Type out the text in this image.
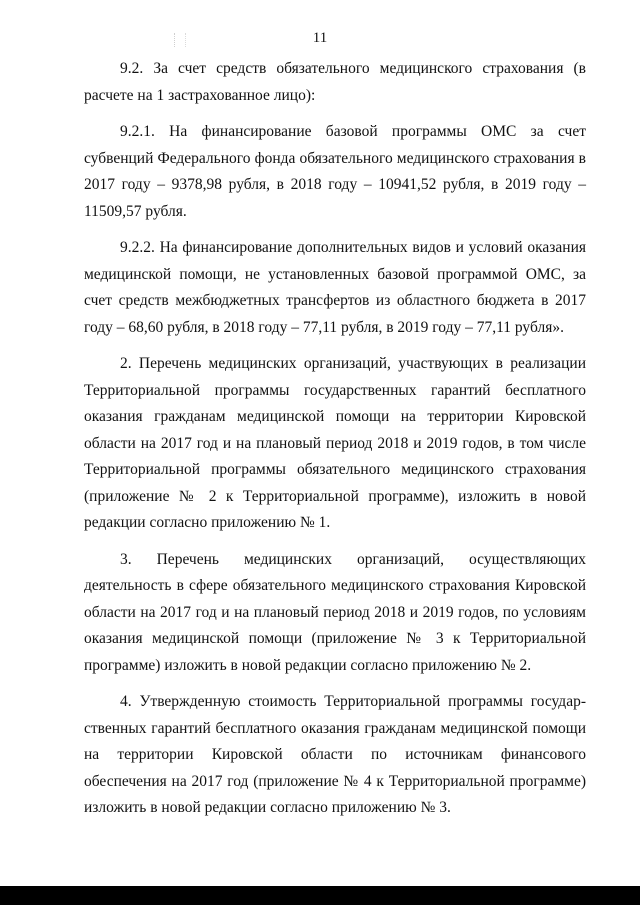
11

9.2. За счет средств обязательного медицинского страхования (в расчете на 1 застрахованное лицо):

9.2.1. На финансирование базовой программы ОМС за счет субвенций Федерального фонда обязательного медицинского страхования в 2017 году – 9378,98 рубля, в 2018 году – 10941,52 рубля, в 2019 году – 11509,57 рубля.

9.2.2. На финансирование дополнительных видов и условий оказания медицинской помощи, не установленных базовой программой ОМС, за счет средств межбюджетных трансфертов из областного бюджета в 2017 году – 68,60 рубля, в 2018 году – 77,11 рубля, в 2019 году – 77,11 рубля».

2. Перечень медицинских организаций, участвующих в реализации Территориальной программы государственных гарантий бесплатного оказания гражданам медицинской помощи на территории Кировской области на 2017 год и на плановый период 2018 и 2019 годов, в том числе Территориальной программы обязательного медицинского страхования (приложение № 2 к Территориальной программе), изложить в новой редакции согласно приложению № 1.

3. Перечень медицинских организаций, осуществляющих деятельность в сфере обязательного медицинского страхования Кировской области на 2017 год и на плановый период 2018 и 2019 годов, по условиям оказания медицинской помощи (приложение № 3 к Территориальной программе) изложить в новой редакции согласно приложению № 2.

4. Утвержденную стоимость Территориальной программы государственных гарантий бесплатного оказания гражданам медицинской помощи на территории Кировской области по источникам финансового обеспечения на 2017 год (приложение № 4 к Территориальной программе) изложить в новой редакции согласно приложению № 3.
